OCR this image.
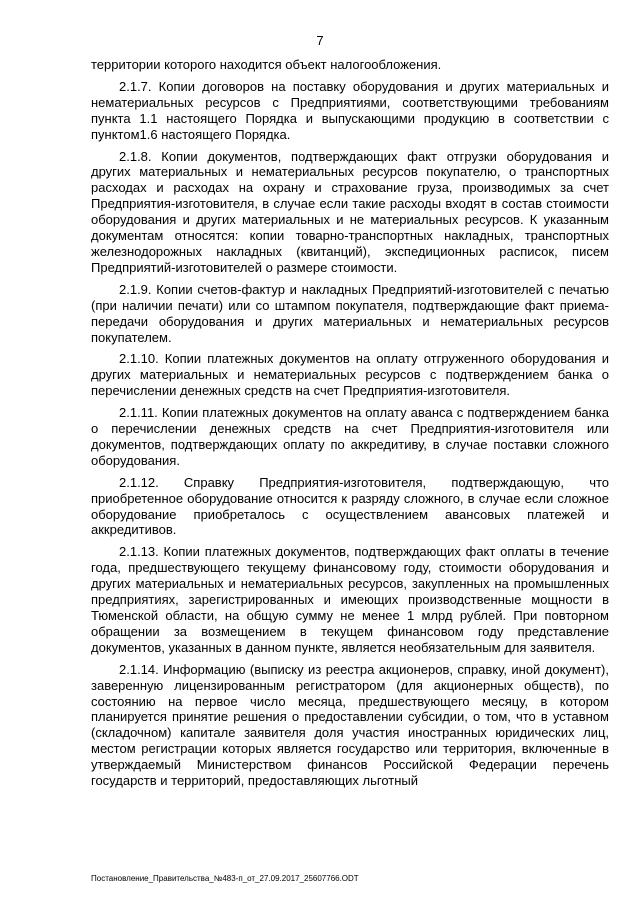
7

территории которого находится объект налогообложения.

2.1.7. Копии договоров на поставку оборудования и других материальных и нематериальных ресурсов с Предприятиями, соответствующими требованиям пункта 1.1 настоящего Порядка и выпускающими продукцию в соответствии с пунктом1.6 настоящего Порядка.

2.1.8. Копии документов, подтверждающих факт отгрузки оборудования и других материальных и нематериальных ресурсов покупателю, о транспортных расходах и расходах на охрану и страхование груза, производимых за счет Предприятия-изготовителя, в случае если такие расходы входят в состав стоимости оборудования и других материальных и не материальных ресурсов. К указанным документам относятся: копии товарно-транспортных накладных, транспортных железнодорожных накладных (квитанций), экспедиционных расписок, писем Предприятий-изготовителей о размере стоимости.

2.1.9. Копии счетов-фактур и накладных Предприятий-изготовителей с печатью (при наличии печати) или со штампом покупателя, подтверждающие факт приема-передачи оборудования и других материальных и нематериальных ресурсов покупателем.

2.1.10. Копии платежных документов на оплату отгруженного оборудования и других материальных и нематериальных ресурсов с подтверждением банка о перечислении денежных средств на счет Предприятия-изготовителя.

2.1.11. Копии платежных документов на оплату аванса с подтверждением банка о перечислении денежных средств на счет Предприятия-изготовителя или документов, подтверждающих оплату по аккредитиву, в случае поставки сложного оборудования.

2.1.12. Справку Предприятия-изготовителя, подтверждающую, что приобретенное оборудование относится к разряду сложного, в случае если сложное оборудование приобреталось с осуществлением авансовых платежей и аккредитивов.

2.1.13. Копии платежных документов, подтверждающих факт оплаты в течение года, предшествующего текущему финансовому году, стоимости оборудования и других материальных и нематериальных ресурсов, закупленных на промышленных предприятиях, зарегистрированных и имеющих производственные мощности в Тюменской области, на общую сумму не менее 1 млрд рублей. При повторном обращении за возмещением в текущем финансовом году представление документов, указанных в данном пункте, является необязательным для заявителя.

2.1.14. Информацию (выписку из реестра акционеров, справку, иной документ), заверенную лицензированным регистратором (для акционерных обществ), по состоянию на первое число месяца, предшествующего месяцу, в котором планируется принятие решения о предоставлении субсидии, о том, что в уставном (складочном) капитале заявителя доля участия иностранных юридических лиц, местом регистрации которых является государство или территория, включенные в утверждаемый Министерством финансов Российской Федерации перечень государств и территорий, предоставляющих льготный

Постановление_Правительства_№483-п_от_27.09.2017_25607766.ODT
